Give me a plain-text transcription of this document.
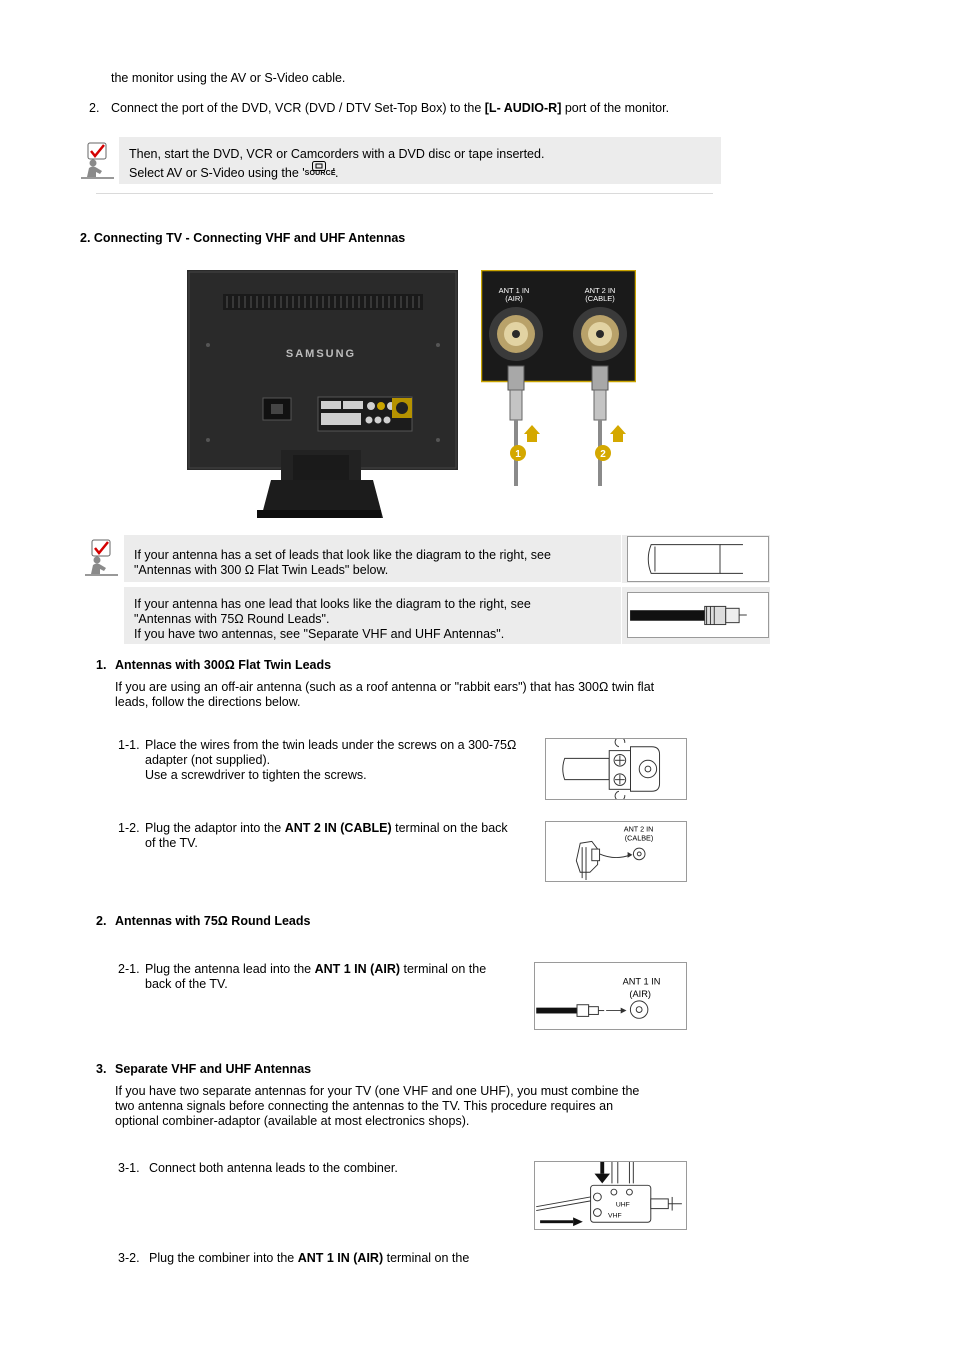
the monitor using the AV or S-Video cable.
2. Connect the port of the DVD, VCR (DVD / DTV Set-Top Box) to the [L- AUDIO-R] port of the monitor.
Then, start the DVD, VCR or Camcorders with a DVD disc or tape inserted.
Select AV or S-Video using the ' SOURCE
'.
2. Connecting TV - Connecting VHF and UHF Antennas
SAMSUNG
ANT 1 IN
(AIR)
ANT 2 IN
(CABLE)
1	2
If your antenna has a set of leads that look like the diagram to the right, see
"Antennas with 300 Ω Flat Twin Leads" below.
If your antenna has one lead that looks like the diagram to the right, see
"Antennas with 75Ω Round Leads".
If you have two antennas, see "Separate VHF and UHF Antennas".
1. Antennas with 300Ω Flat Twin Leads
If you are using an off-air antenna (such as a roof antenna or "rabbit ears") that has 300Ω twin flat
leads, follow the directions below.
1-1. Place the wires from the twin leads under the screws on a 300-75Ω
adapter (not supplied).
Use a screwdriver to tighten the screws.
1-2. Plug the adaptor into the ANT 2 IN (CABLE) terminal on the back
of the TV.
ANT 2 IN
(CALBE)
2. Antennas with 75Ω Round Leads
2-1. Plug the antenna lead into the ANT 1 IN (AIR) terminal on the
back of the TV.	ANT 1 IN
(AIR)
3. Separate VHF and UHF Antennas
If you have two separate antennas for your TV (one VHF and one UHF), you must combine the
two antenna signals before connecting the antennas to the TV. This procedure requires an
optional combiner-adaptor (available at most electronics shops).
3-1. Connect both antenna leads to the combiner.
UHF
VHF
3-2. Plug the combiner into the ANT 1 IN (AIR) terminal on the
